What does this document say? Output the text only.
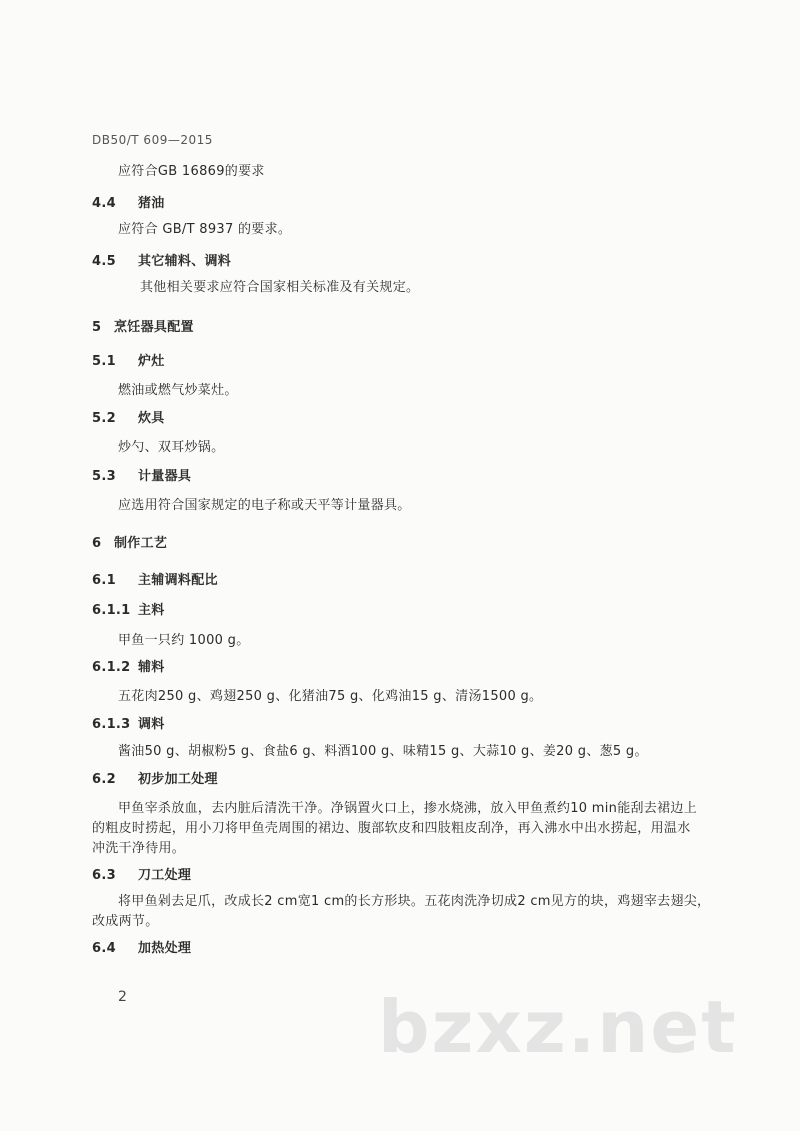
DB50/T 609—2015
应符合GB 16869的要求
4.4 猪油
应符合 GB/T 8937 的要求。
4.5 其它辅料、调料
其他相关要求应符合国家相关标准及有关规定。
5 烹饪器具配置
5.1 炉灶
燃油或燃气炒菜灶。
5.2 炊具
炒勺、双耳炒锅。
5.3 计量器具
应选用符合国家规定的电子称或天平等计量器具。
6 制作工艺
6.1 主辅调料配比
6.1.1 主料
甲鱼一只约 1000 g。
6.1.2 辅料
五花肉250 g、鸡翅250 g、化猪油75 g、化鸡油15 g、清汤1500 g。
6.1.3 调料
酱油50 g、胡椒粉5 g、食盐6 g、料酒100 g、味精15 g、大蒜10 g、姜20 g、葱5 g。
6.2 初步加工处理
甲鱼宰杀放血，去内脏后清洗干净。净锅置火口上，掺水烧沸，放入甲鱼煮约10 min能刮去裙边上
的粗皮时捞起，用小刀将甲鱼壳周围的裙边、腹部软皮和四肢粗皮刮净，再入沸水中出水捞起，用温水
冲洗干净待用。
6.3 刀工处理
将甲鱼剁去足爪，改成长2 cm宽1 cm的长方形块。五花肉洗净切成2 cm见方的块，鸡翅宰去翅尖，
改成两节。
6.4 加热处理
2	bzxz.net
